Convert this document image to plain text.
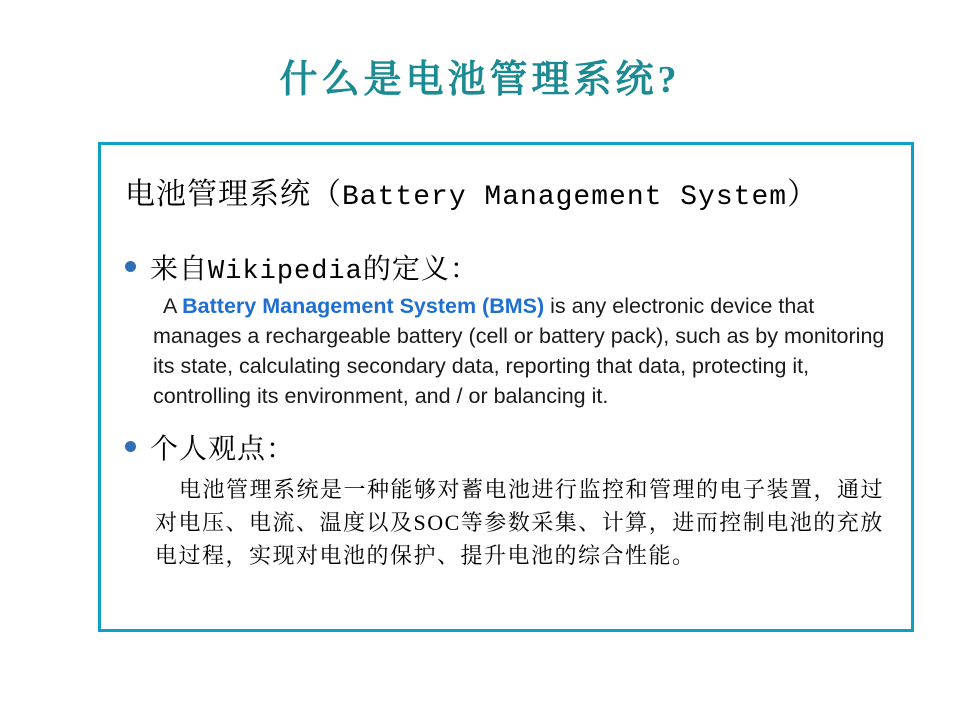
什么是电池管理系统?
电池管理系统（Battery Management System）
来自Wikipedia的定义：
A Battery Management System (BMS) is any electronic device that manages a rechargeable battery (cell or battery pack), such as by monitoring its state, calculating secondary data, reporting that data, protecting it, controlling its environment, and / or balancing it.
个人观点：
电池管理系统是一种能够对蓄电池进行监控和管理的电子装置，通过对电压、电流、温度以及SOC等参数采集、计算，进而控制电池的充放电过程，实现对电池的保护、提升电池的综合性能。
